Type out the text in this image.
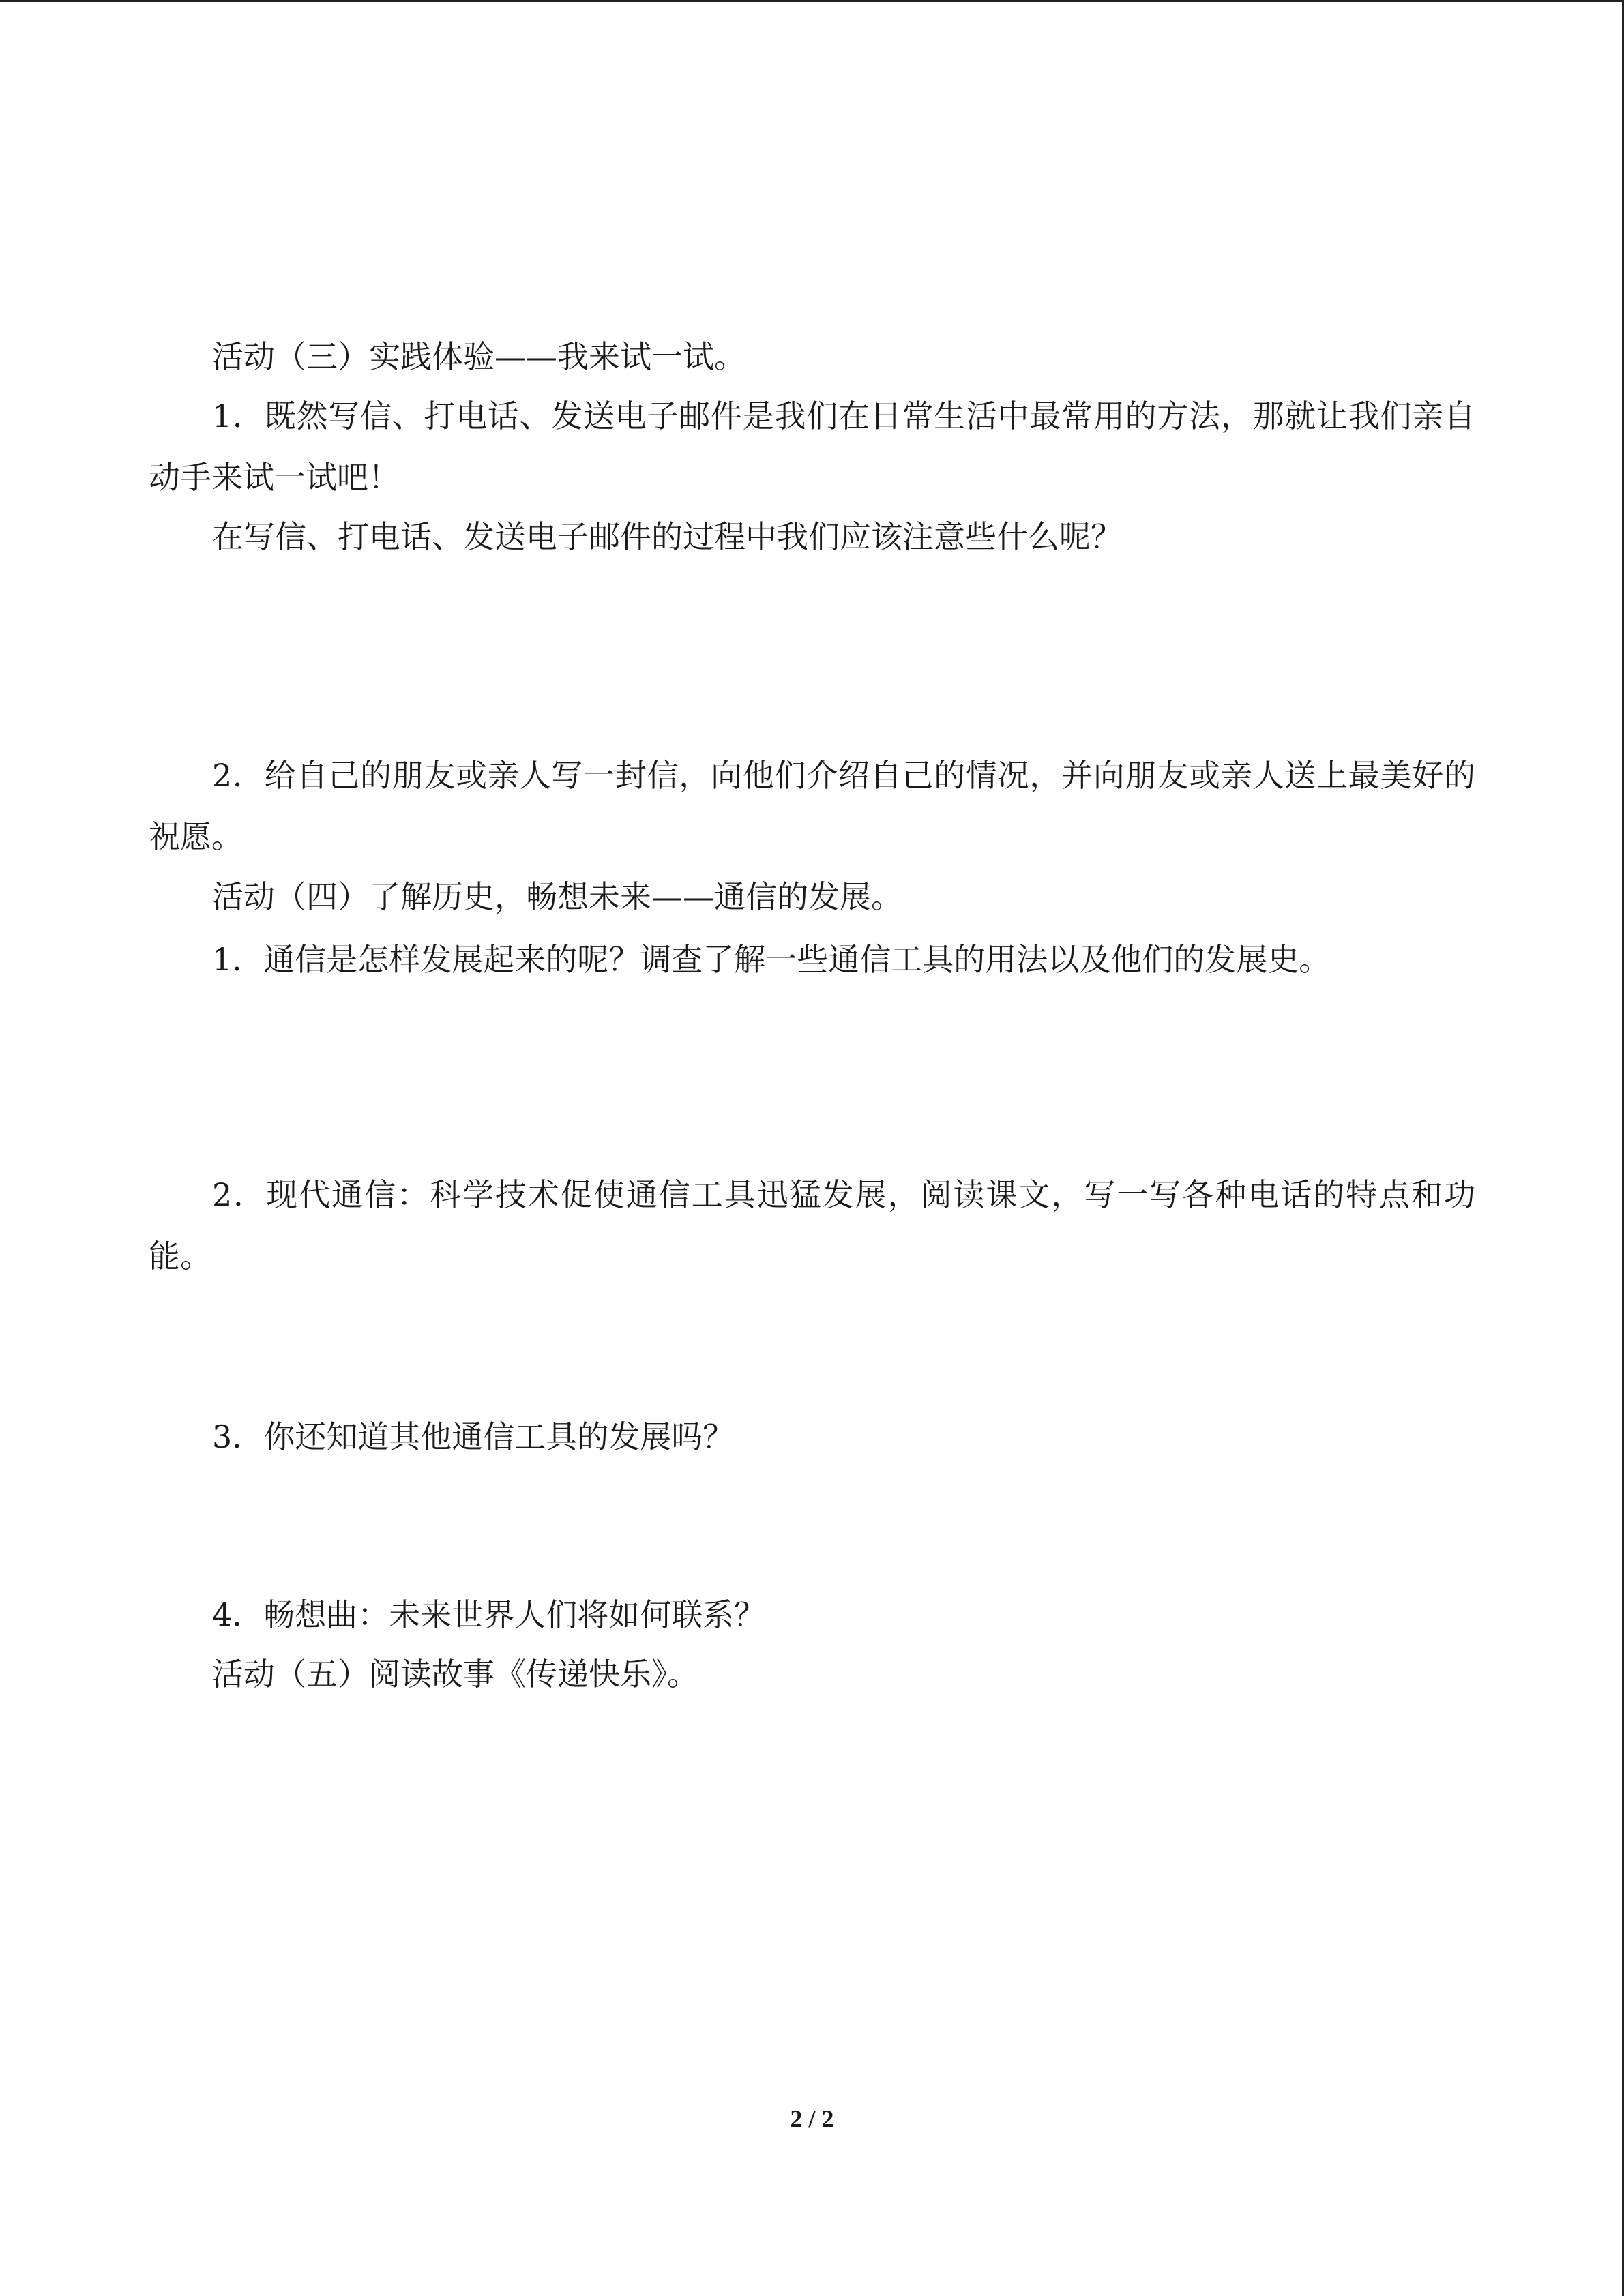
活动（三）实践体验——我来试一试。

1．既然写信、打电话、发送电子邮件是我们在日常生活中最常用的方法，那就让我们亲自动手来试一试吧！

在写信、打电话、发送电子邮件的过程中我们应该注意些什么呢？

2．给自己的朋友或亲人写一封信，向他们介绍自己的情况，并向朋友或亲人送上最美好的祝愿。

活动（四）了解历史，畅想未来——通信的发展。

1．通信是怎样发展起来的呢？调查了解一些通信工具的用法以及他们的发展史。

2．现代通信：科学技术促使通信工具迅猛发展，阅读课文，写一写各种电话的特点和功能。

3．你还知道其他通信工具的发展吗？

4．畅想曲：未来世界人们将如何联系？

活动（五）阅读故事《传递快乐》。

2 / 2
